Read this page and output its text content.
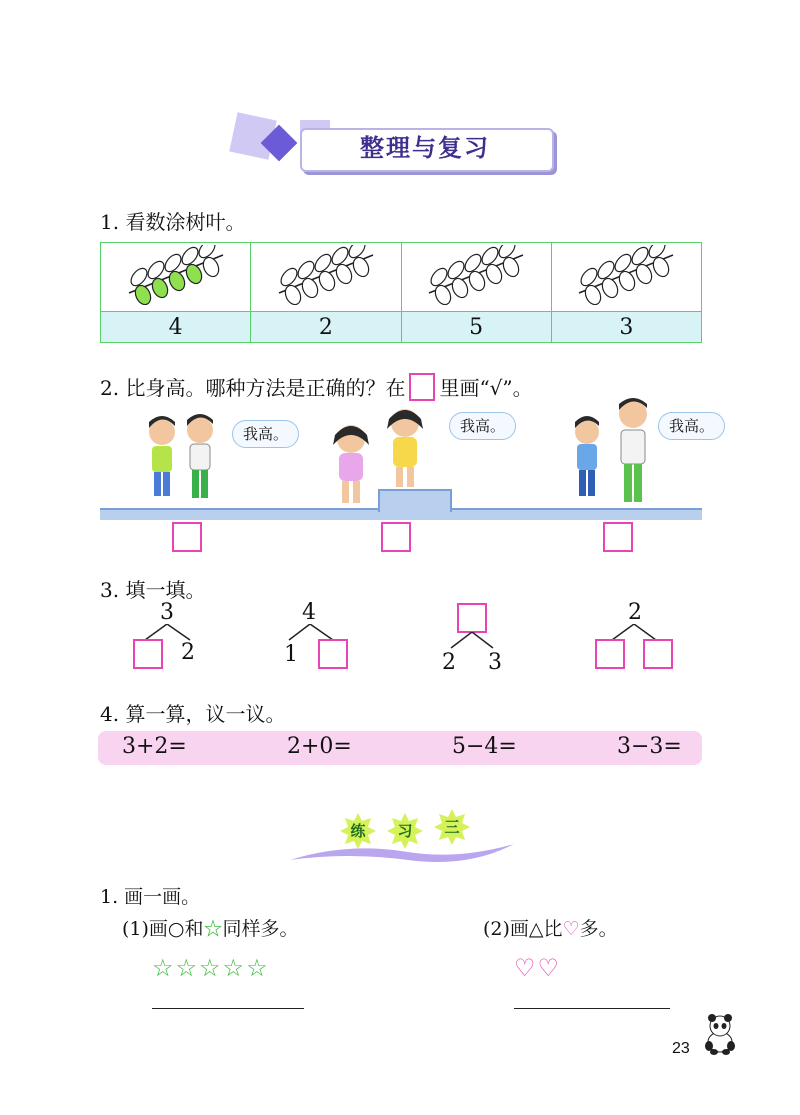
整理与复习
1. 看数涂树叶。

4	2	5	3
2. 比身高。哪种方法是正确的？在 里画“√”。
我高。	我高。	我高。
3. 填一填。
3
2
4
1	2 3
2
4. 算一算，议一议。
3+2=	2+0=	5−4=	3−3=
练	习	三
1. 画一画。
(1)画○和☆同样多。	(2)画△比♡多。
☆☆☆☆☆	♡♡
23
